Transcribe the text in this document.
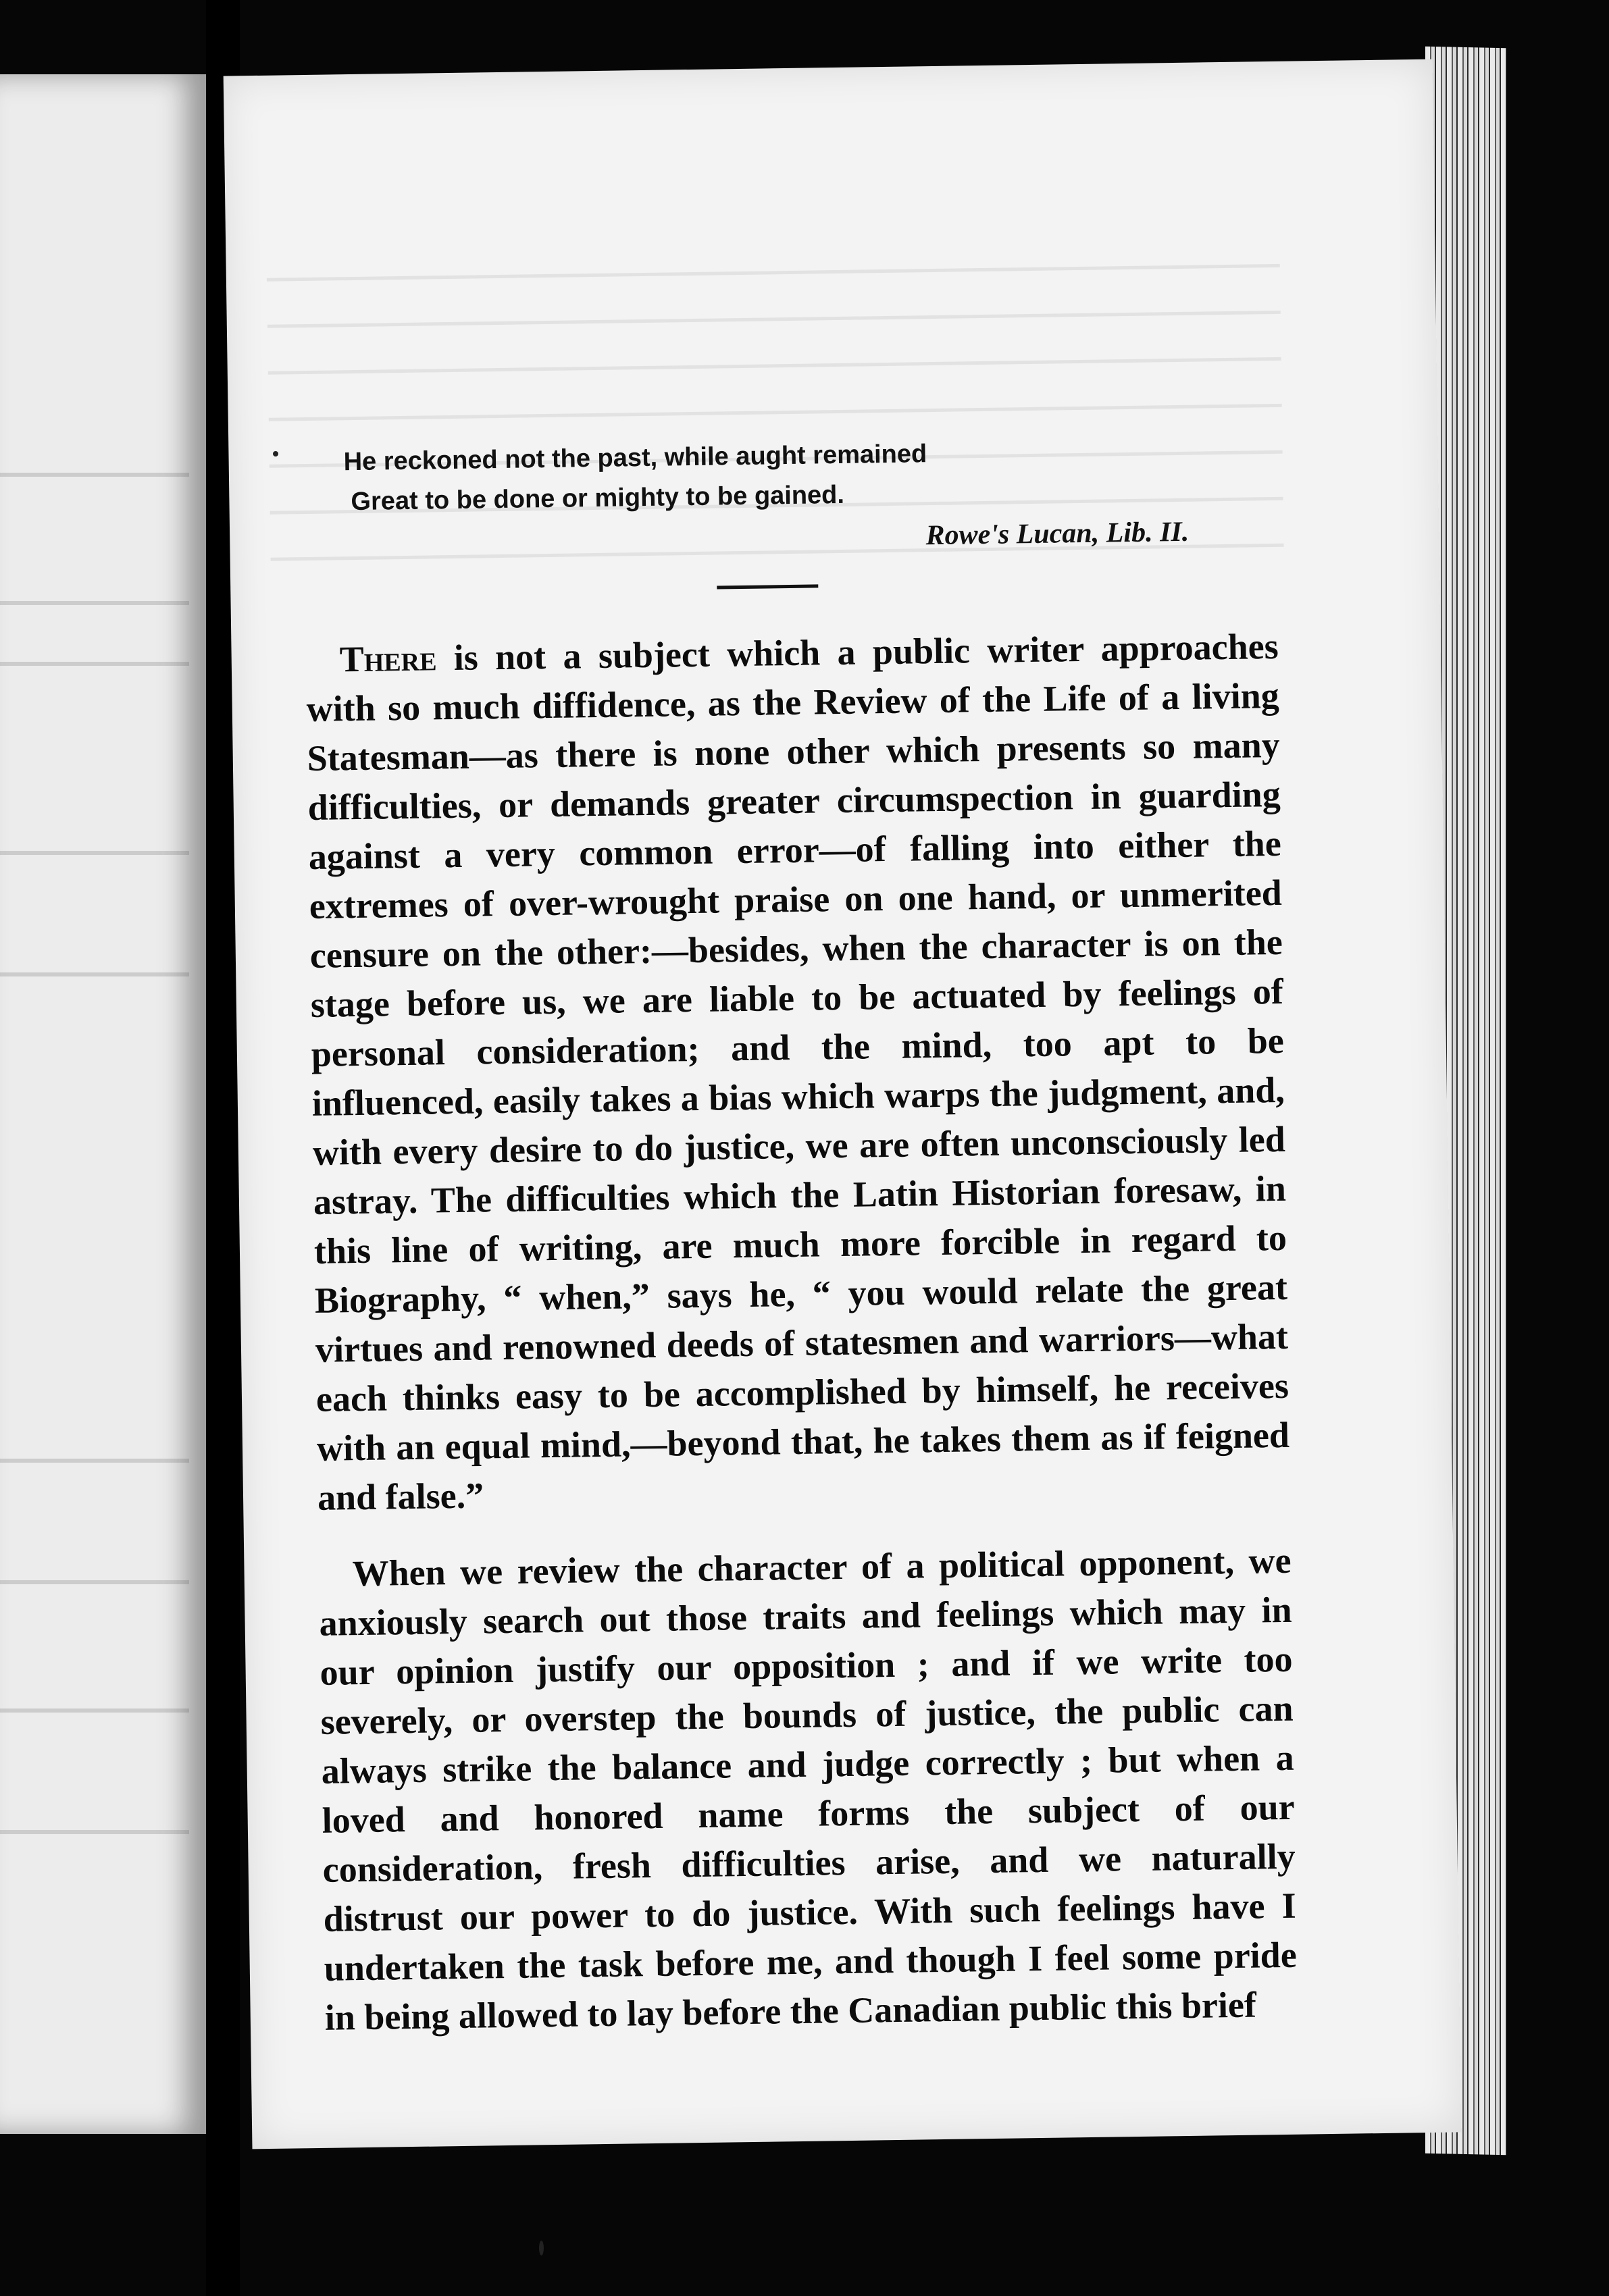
He reckoned not the past, while aught remained
Great to be done or mighty to be gained.
Rowe's Lucan, Lib. II.

There is not a subject which a public writer approaches with so much diffidence, as the Review of the Life of a living Statesman—as there is none other which presents so many difficulties, or demands greater circumspection in guarding against a very common error—of falling into either the extremes of over-wrought praise on one hand, or unmerited censure on the other:—besides, when the character is on the stage before us, we are liable to be actuated by feelings of personal consideration; and the mind, too apt to be influenced, easily takes a bias which warps the judgment, and, with every desire to do justice, we are often unconsciously led astray. The difficulties which the Latin Historian foresaw, in this line of writing, are much more forcible in regard to Biography, “ when,” says he, “ you would relate the great virtues and renowned deeds of statesmen and warriors—what each thinks easy to be accomplished by himself, he receives with an equal mind,—beyond that, he takes them as if feigned and false.”

When we review the character of a political opponent, we anxiously search out those traits and feelings which may in our opinion justify our opposition ; and if we write too severely, or overstep the bounds of justice, the public can always strike the balance and judge correctly ; but when a loved and honored name forms the subject of our consideration, fresh difficulties arise, and we naturally distrust our power to do justice. With such feelings have I undertaken the task before me, and though I feel some pride in being allowed to lay before the Canadian public this brief
